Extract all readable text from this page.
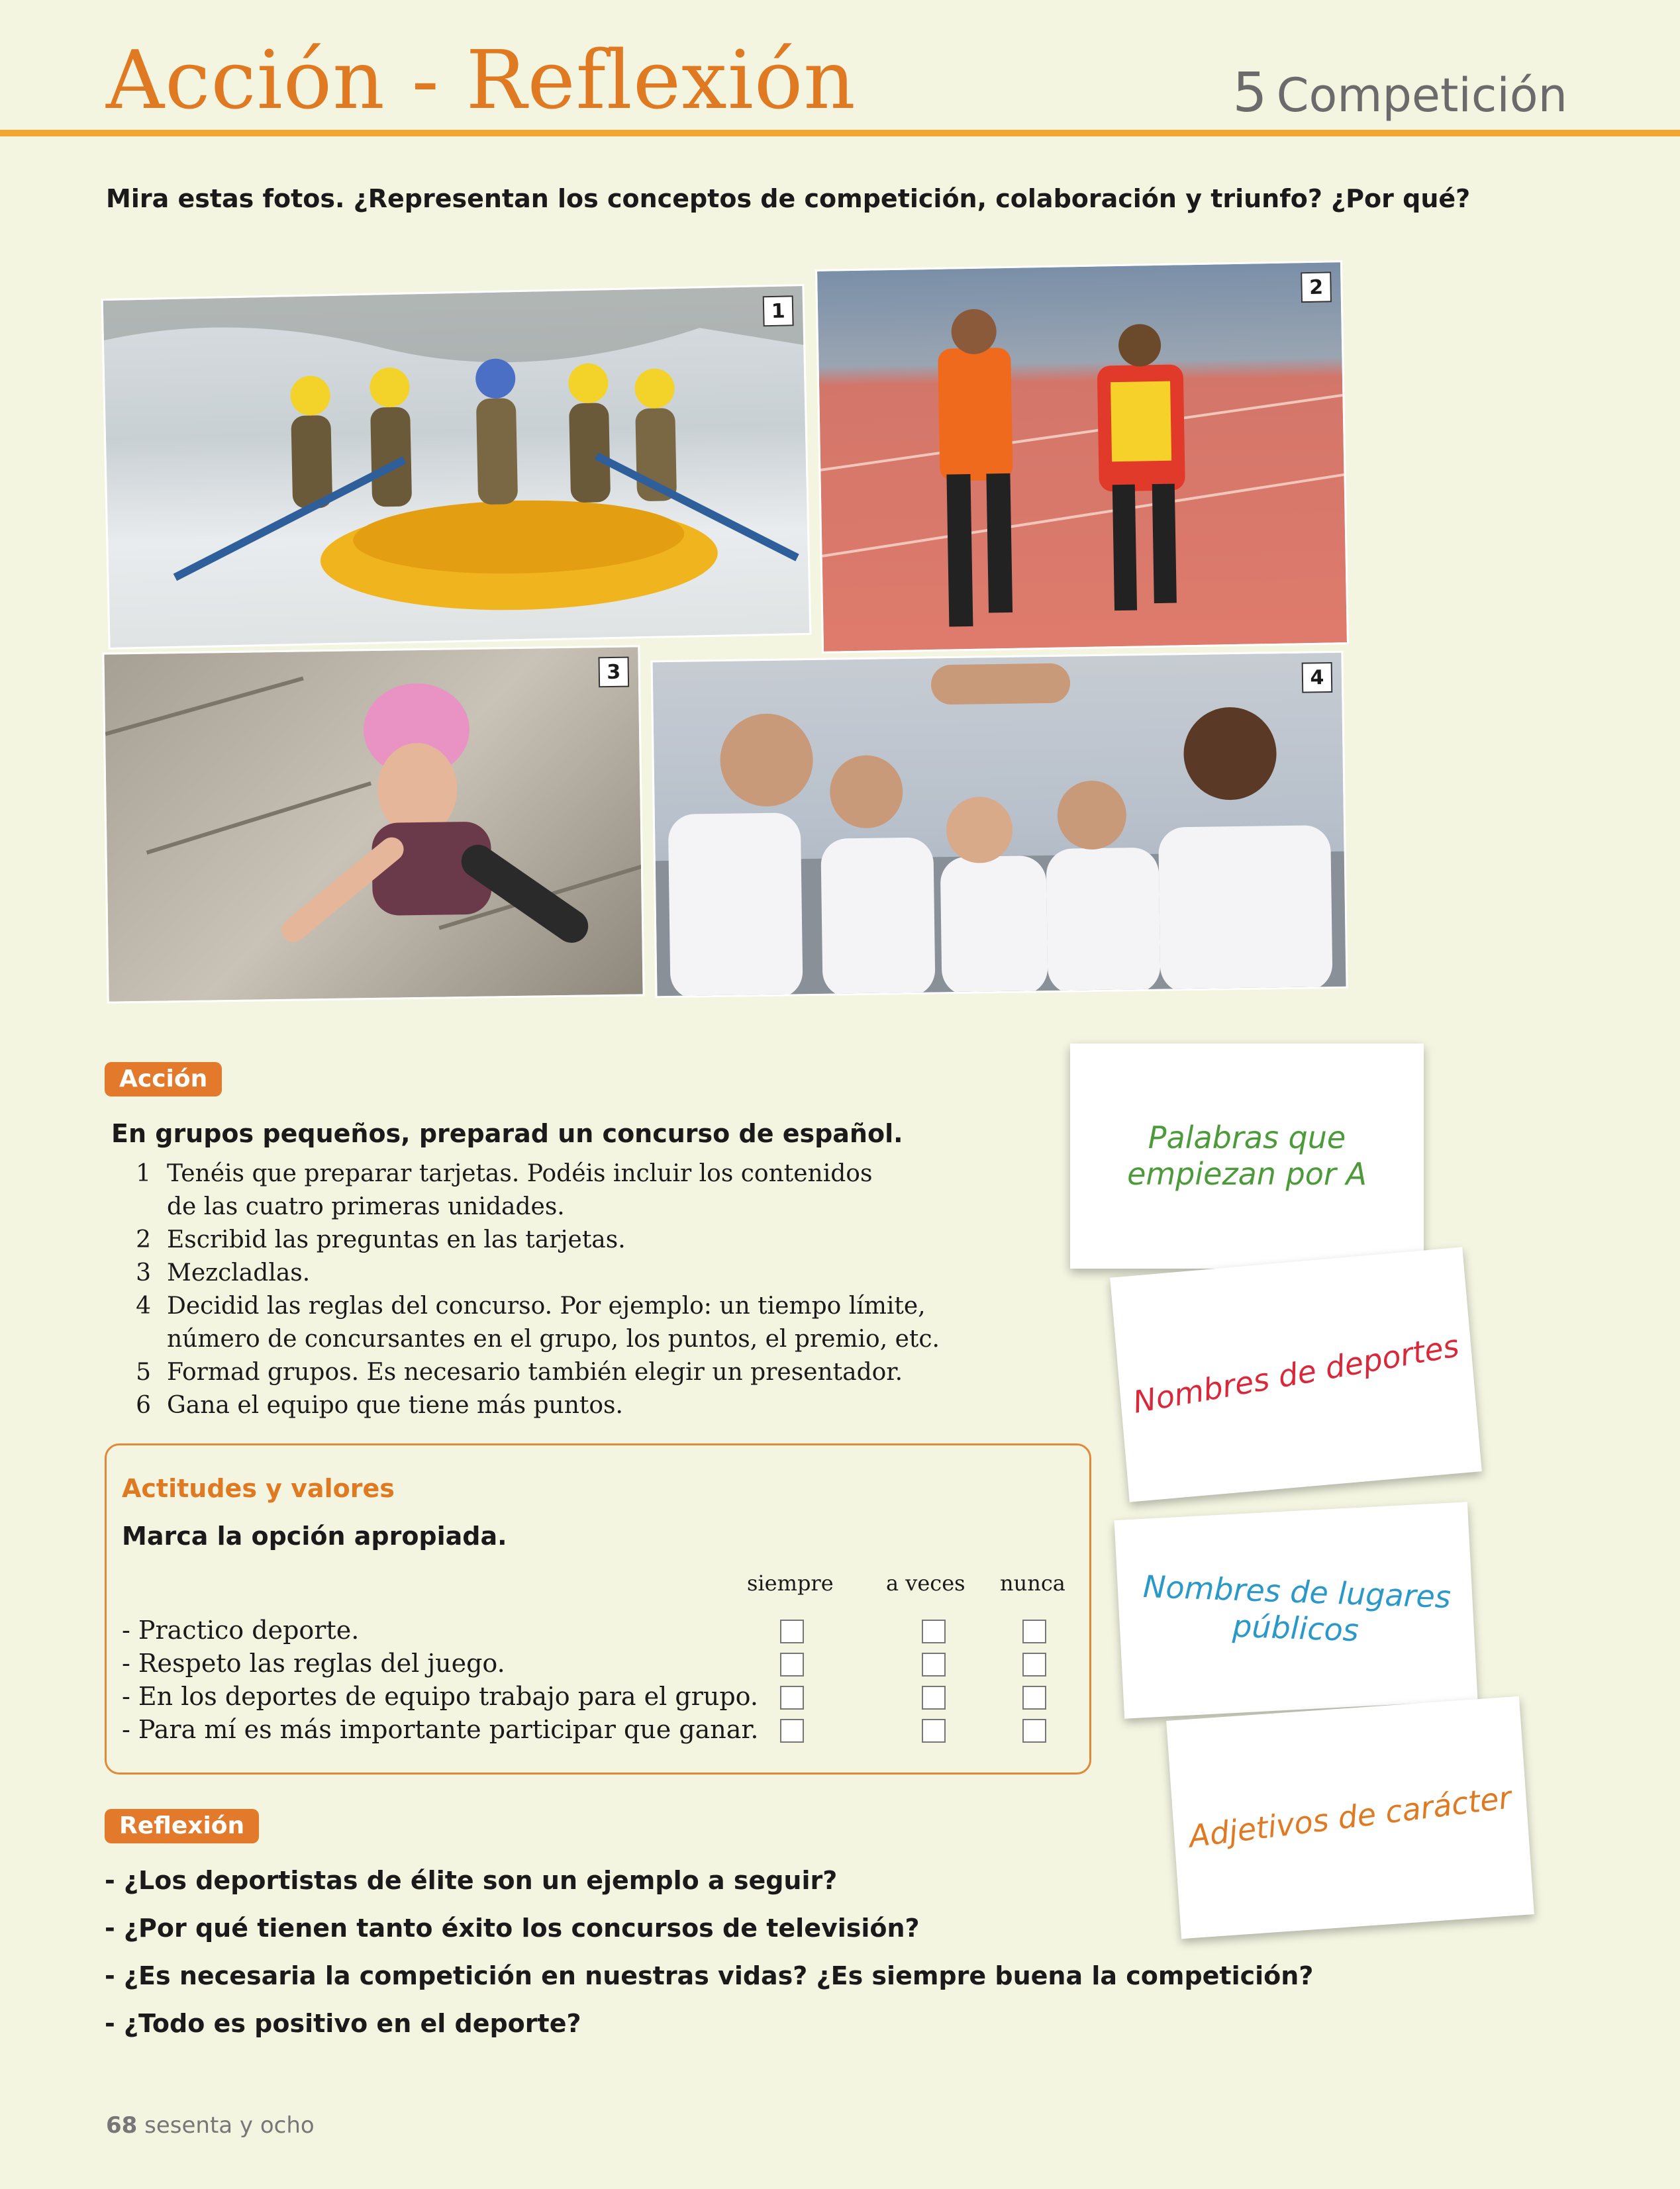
Acción - Reflexión	5 Competición
Mira estas fotos. ¿Representan los conceptos de competición, colaboración y triunfo? ¿Por qué?
1
2
3	4
Acción
En grupos pequeños, preparad un concurso de español.
1 Tenéis que preparar tarjetas. Podéis incluir los contenidos
de las cuatro primeras unidades.
2 Escribid las preguntas en las tarjetas.
3 Mezcladlas.
4 Decidid las reglas del concurso. Por ejemplo: un tiempo límite,
número de concursantes en el grupo, los puntos, el premio, etc.
5 Formad grupos. Es necesario también elegir un presentador.
6 Gana el equipo que tiene más puntos.
Actitudes y valores
Marca la opción apropiada.
siempre a veces nunca
- Practico deporte.
- Respeto las reglas del juego.
- En los deportes de equipo trabajo para el grupo.
- Para mí es más importante participar que ganar.
Reflexión
- ¿Los deportistas de élite son un ejemplo a seguir?
- ¿Por qué tienen tanto éxito los concursos de televisión?
- ¿Es necesaria la competición en nuestras vidas? ¿Es siempre buena la competición?
- ¿Todo es positivo en el deporte?
Palabras que
empiezan por A
Nombres de deportes
Nombres de lugares
públicos
Adjetivos de carácter
68 sesenta y ocho
